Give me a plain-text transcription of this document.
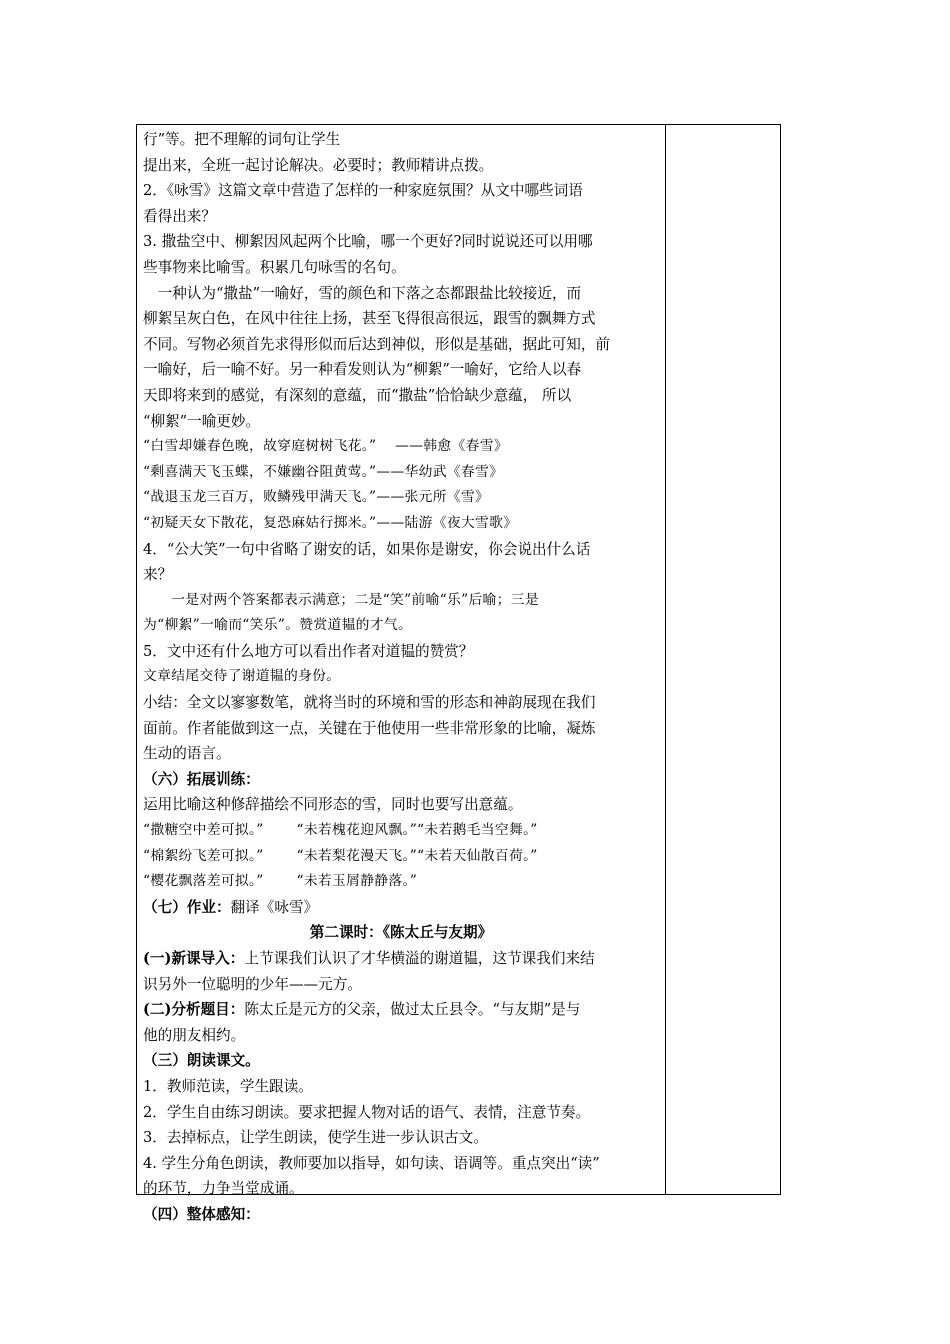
行”等。把不理解的词句让学生
提出来，全班一起讨论解决。必要时；教师精讲点拨。
2．《咏雪》这篇文章中营造了怎样的一种家庭氛围？从文中哪些词语
看得出来？
3. 撒盐空中、柳絮因风起两个比喻，哪一个更好?同时说说还可以用哪
些事物来比喻雪。积累几句咏雪的名句。
　一种认为“撒盐”一喻好，雪的颜色和下落之态都跟盐比较接近，而
柳絮呈灰白色，在风中往往上扬，甚至飞得很高很远，跟雪的飘舞方式
不同。写物必须首先求得形似而后达到神似，形似是基础，据此可知，前
一喻好，后一喻不好。另一种看发则认为“柳絮”一喻好，它给人以春
天即将来到的感觉，有深刻的意蕴，而“撒盐”恰恰缺少意蕴， 所以
“柳絮”一喻更妙。
“白雪却嫌春色晚，故穿庭树树飞花。”　 ——韩愈《春雪》
“剩喜满天飞玉蝶，不嫌幽谷阻黄莺。”——华幼武《春雪》
“战退玉龙三百万，败鳞残甲满天飞。”——张元所《雪》
“初疑天女下散花，复恐麻姑行掷米。”——陆游《夜大雪歌》
4．“公大笑”一句中省略了谢安的话，如果你是谢安，你会说出什么话
来？
　　一是对两个答案都表示满意；二是“笑”前喻“乐”后喻；三是
为“柳絮”一喻而“笑乐”。赞赏道韫的才气。
5．文中还有什么地方可以看出作者对道韫的赞赏？
文章结尾交待了谢道韫的身份。
小结：全文以寥寥数笔，就将当时的环境和雪的形态和神韵展现在我们
面前。作者能做到这一点，关键在于他使用一些非常形象的比喻，凝炼
生动的语言。
（六）拓展训练：
运用比喻这种修辞描绘不同形态的雪，同时也要写出意蕴。
“撒糖空中差可拟。”　　 “未若槐花迎风飘。”“未若鹅毛当空舞。”
“棉絮纷飞差可拟。”　　 “未若梨花漫天飞。”“未若天仙散百荷。”
“樱花飘落差可拟。”　　 “未若玉屑静静落。”
（七）作业：翻译《咏雪》
第二课时：《陈太丘与友期》
(一)新课导入：上节课我们认识了才华横溢的谢道韫，这节课我们来结
识另外一位聪明的少年——元方。
(二)分析题目：陈太丘是元方的父亲，做过太丘县令。“与友期”是与
他的朋友相约。
（三）朗读课文。
1．教师范读，学生跟读。
2．学生自由练习朗读。要求把握人物对话的语气、表情，注意节奏。
3．去掉标点，让学生朗读，使学生进一步认识古文。
4. 学生分角色朗读，教师要加以指导，如句读、语调等。重点突出“读”
的环节，力争当堂成诵。
（四）整体感知：
